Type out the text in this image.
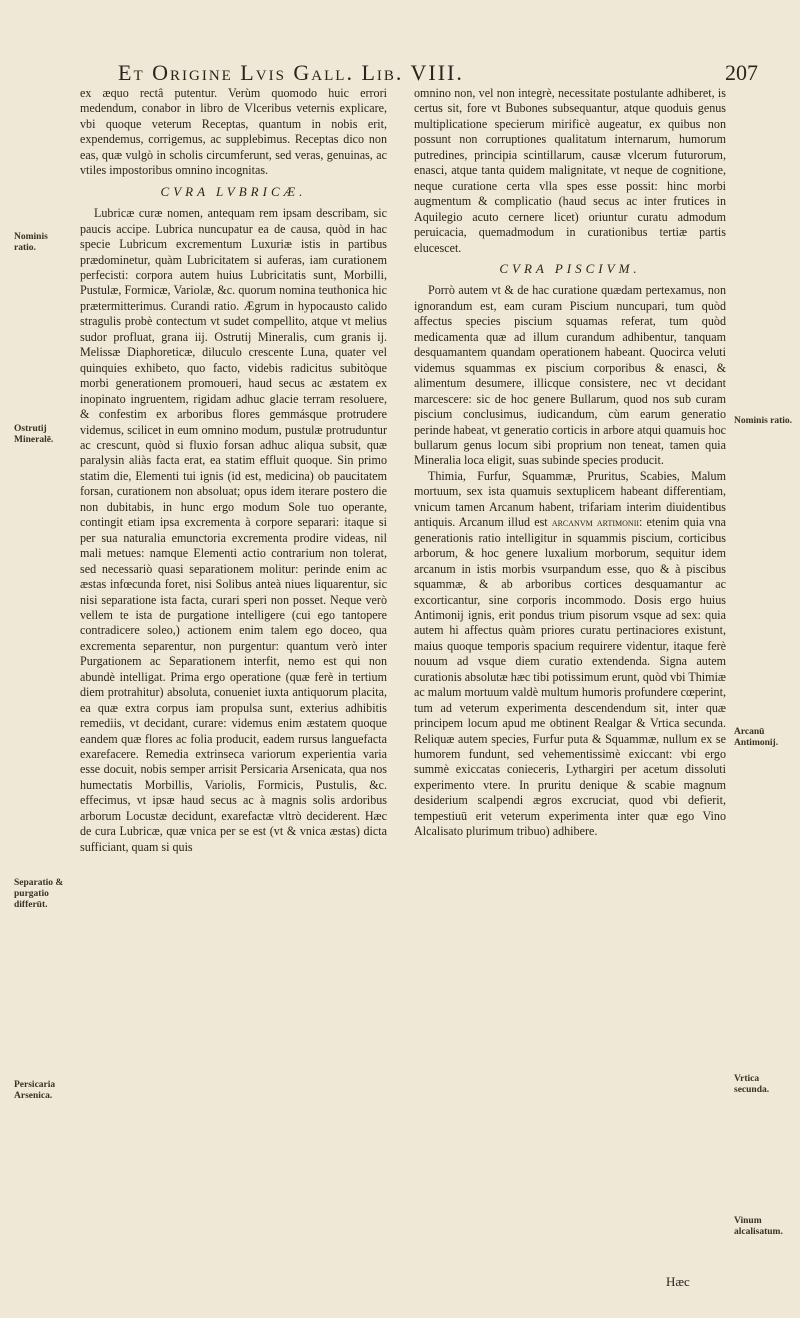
Et Origine Lvis Gall. Lib. VIII.	207

ex æquo rectâ putentur. Verùm quomodo huic errori medendum, conabor in libro de Vlceribus veternis explicare, vbi quoque veterum Receptas, quantum in nobis erit, expendemus, corrigemus, ac supplebimus. Receptas dico non eas, quæ vulgò in scholis circumferunt, sed veras, genuinas, ac vtiles impostoribus omnino incognitas.

CVRA LVBRICÆ.

Lubricæ curæ nomen, antequam rem ipsam describam, sic paucis accipe. Lubrica nuncupatur ea de causa, quòd in hac specie Lubricum excrementum Luxuriæ istis in partibus prædominetur, quàm Lubricitatem si auferas, iam curationem perfecisti: corpora autem huius Lubricitatis sunt, Morbilli, Pustulæ, Formicæ, Variolæ, &c. quorum nomina teuthonica hic prætermitterimus. Curandi ratio. Ægrum in hypocausto calido stragulis probè contectum vt sudet compellito, atque vt melius sudor profluat, grana iij. Ostrutij Mineralis, cum granis ij. Melissæ Diaphoreticæ, diluculo crescente Luna, quater vel quinquies exhibeto, quo facto, videbis radicitus subitòque morbi generationem promoueri, haud secus ac æstatem ex inopinato ingruentem, rigidam adhuc glacie terram resoluere, & confestim ex arboribus flores gemmásque protrudere videmus, scilicet in eum omnino modum, pustulæ protruduntur ac crescunt, quòd si fluxio forsan adhuc aliqua subsit, quæ paralysin aliàs facta erat, ea statim effluit quoque. Sin primo statim die, Elementi tui ignis (id est, medicina) ob paucitatem forsan, curationem non absoluat; opus idem iterare postero die non dubitabis, in hunc ergo modum Sole tuo operante, contingit etiam ipsa excrementa à corpore separari: itaque si per sua naturalia emunctoria excrementa prodire videas, nil mali metues: namque Elementi actio contrarium non tolerat, sed necessariò quasi separationem molitur: perinde enim ac æstas infœcunda foret, nisi Solibus anteà niues liquarentur, sic nisi separatione ista facta, curari speri non posset. Neque verò vellem te ista de purgatione intelligere (cui ego tantopere contradicere soleo,) actionem enim talem ego doceo, qua excrementa separentur, non purgentur: quantum verò inter Purgationem ac Separationem interfit, nemo est qui non abundè intelligat. Prima ergo operatione (quæ ferè in tertium diem protrahitur) absoluta, conueniet iuxta antiquorum placita, ea quæ extra corpus iam propulsa sunt, exterius adhibitis remediis, vt decidant, curare: videmus enim æstatem quoque eandem quæ flores ac folia producit, eadem rursus languefacta exarefacere. Remedia extrinseca variorum experientia varia esse docuit, nobis semper arrisit Persicaria Arsenicata, qua nos humectatis Morbillis, Variolis, Formicis, Pustulis, &c. effecimus, vt ipsæ haud secus ac à magnis solis ardoribus arborum Locustæ decidunt, exarefactæ vltrò deciderent. Hæc de cura Lubricæ, quæ vnica per se est (vt & vnica æstas) dicta sufficiant, quam si quis

omnino non, vel non integrè, necessitate postulante adhiberet, is certus sit, fore vt Bubones subsequantur, atque quoduis genus multiplicatione specierum mirificè augeatur, ex quibus non possunt non corruptiones qualitatum internarum, humorum putredines, principia scintillarum, causæ vlcerum futurorum, enasci, atque tanta quidem malignitate, vt neque de cognitione, neque curatione certa vlla spes esse possit: hinc morbi augmentum & complicatio (haud secus ac inter frutices in Aquilegio acuto cernere licet) oriuntur curatu admodum peruicacia, quemadmodum in curationibus tertiæ partis elucescet.

CVRA PISCIVM.

Porrò autem vt & de hac curatione quædam pertexamus, non ignorandum est, eam curam Piscium nuncupari, tum quòd affectus species piscium squamas referat, tum quòd medicamenta quæ ad illum curandum adhibentur, tanquam desquamantem quandam operationem habeant. Quocirca veluti videmus squammas ex piscium corporibus & enasci, & alimentum desumere, illicque consistere, nec vt decidant marcescere: sic de hoc genere Bullarum, quod nos sub curam piscium conclusimus, iudicandum, cùm earum generatio perinde habeat, vt generatio corticis in arbore atqui quamuis hoc bullarum genus locum sibi proprium non teneat, tamen quia Mineralia loca eligit, suas subinde species producit.

Thimia, Furfur, Squammæ, Pruritus, Scabies, Malum mortuum, sex ista quamuis sextuplicem habeant differentiam, vnicum tamen Arcanum habent, trifariam interim diuidentibus antiquis. Arcanum illud est arcanvm artimonii: etenim quia vna generationis ratio intelligitur in squammis piscium, corticibus arborum, & hoc genere luxalium morborum, sequitur idem arcanum in istis morbis vsurpandum esse, quo & à piscibus squammæ, & ab arboribus cortices desquamantur ac excorticantur, sine corporis incommodo. Dosis ergo huius Antimonij ignis, erit pondus trium pisorum vsque ad sex: quia autem hi affectus quàm priores curatu pertinaciores existunt, maius quoque temporis spacium requirere videntur, itaque ferè nouum ad vsque diem curatio extendenda. Signa autem curationis absolutæ hæc tibi potissimum erunt, quòd vbi Thimiæ ac malum mortuum valdè multum humoris profundere cœperint, tum ad veterum experimenta descendendum sit, inter quæ principem locum apud me obtinent Realgar & Vrtica secunda. Reliquæ autem species, Furfur puta & Squammæ, nullum ex se humorem fundunt, sed vehementissimè exiccant: vbi ergo summè exiccatas conieceris, Lythargiri per acetum dissoluti experimento vtere. In pruritu denique & scabie magnum desiderium scalpendi ægros excruciat, quod vbi defierit, tempestiuū erit veterum experimenta inter quæ ego Vino Alcalisato plurimum tribuo) adhibere.

Nominis ratio.
Ostrutij Mineralē.
Separatio & purgatio differūt.
Persicaria Arsenica.
Nominis ratio.
Arcanū Antimonij.
Vrtica secunda.
Vinum alcalisatum.
Hæc
